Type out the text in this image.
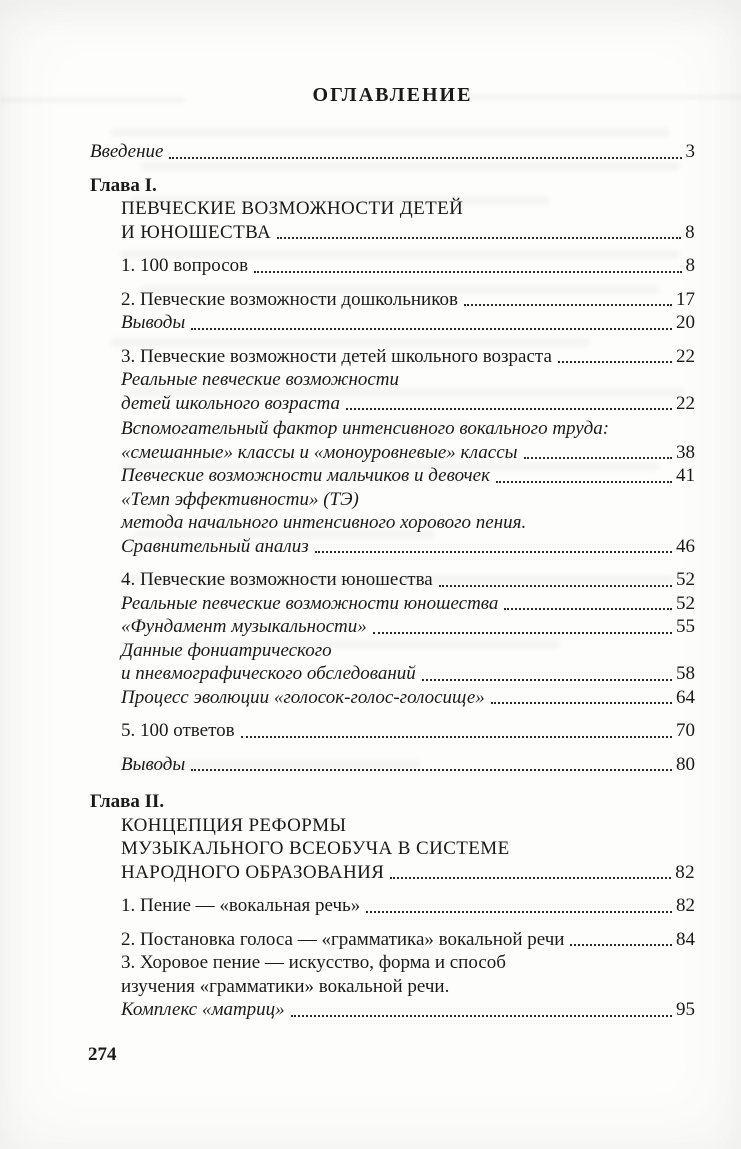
ОГЛАВЛЕНИЕ
Введение	3
Глава I.
ПЕВЧЕСКИЕ ВОЗМОЖНОСТИ ДЕТЕЙ
И ЮНОШЕСТВА	8
1. 100 вопросов	8
2. Певческие возможности дошкольников	17
Выводы	20
3. Певческие возможности детей школьного возраста	22
Реальные певческие возможности
детей школьного возраста	22
Вспомогательный фактор интенсивного вокального труда:
«смешанные» классы и «моноуровневые» классы	38
Певческие возможности мальчиков и девочек	41
«Темп эффективности» (ТЭ)
метода начального интенсивного хорового пения.
Сравнительный анализ	46
4. Певческие возможности юношества	52
Реальные певческие возможности юношества	52
«Фундамент музыкальности»	55
Данные фониатрического
и пневмографического обследований	58
Процесс эволюции «голосок-голос-голосище»	64
5. 100 ответов	70
Выводы	80
Глава II.
КОНЦЕПЦИЯ РЕФОРМЫ
МУЗЫКАЛЬНОГО ВСЕОБУЧА В СИСТЕМЕ
НАРОДНОГО ОБРАЗОВАНИЯ	82
1. Пение — «вокальная речь»	82
2. Постановка голоса — «грамматика» вокальной речи	84
3. Хоровое пение — искусство, форма и способ
изучения «грамматики» вокальной речи.
Комплекс «матриц»	95
274
